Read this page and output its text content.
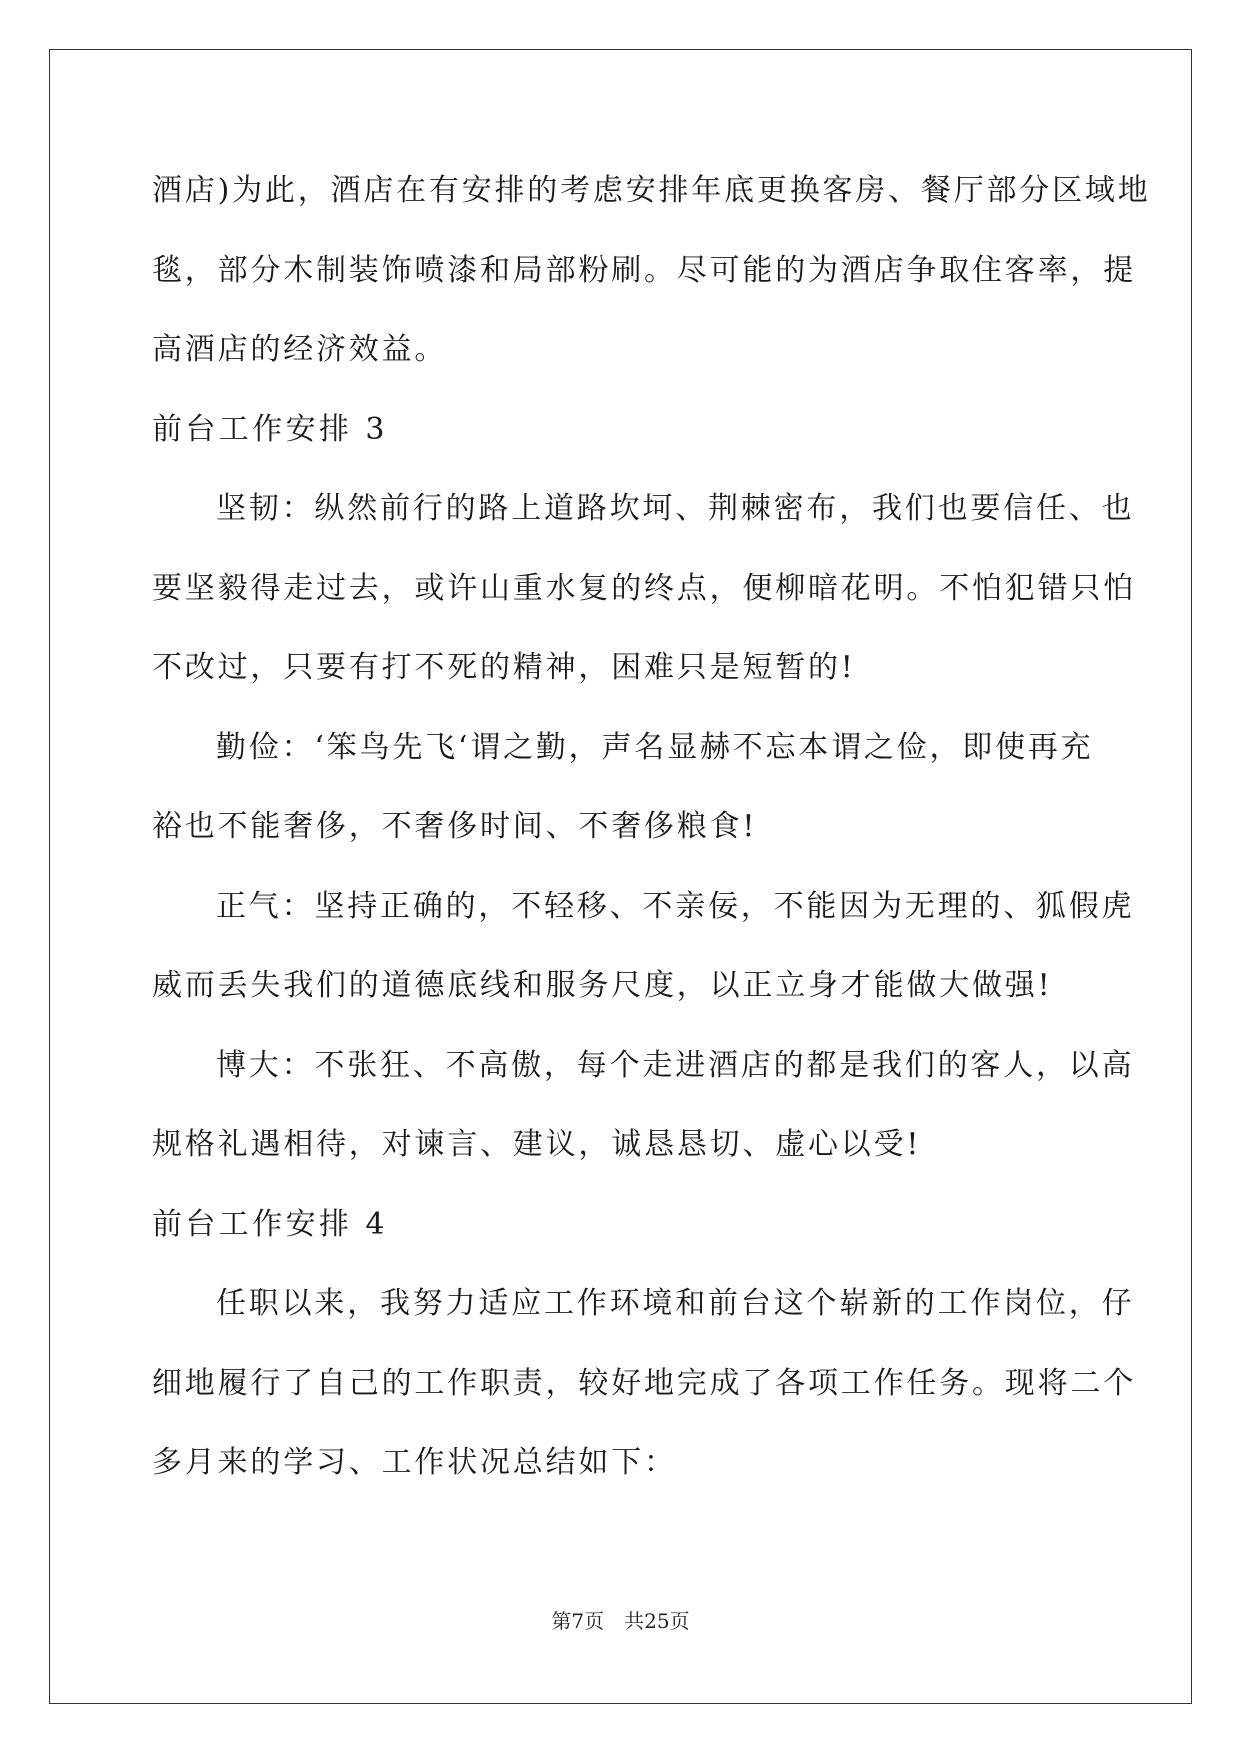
酒店)为此，酒店在有安排的考虑安排年底更换客房、餐厅部分区域地
毯，部分木制装饰喷漆和局部粉刷。尽可能的为酒店争取住客率，提
高酒店的经济效益。
前台工作安排 3
坚韧：纵然前行的路上道路坎坷、荆棘密布，我们也要信任、也
要坚毅得走过去，或许山重水复的终点，便柳暗花明。不怕犯错只怕
不改过，只要有打不死的精神，困难只是短暂的!
勤俭：‘笨鸟先飞‘谓之勤，声名显赫不忘本谓之俭，即使再充
裕也不能奢侈，不奢侈时间、不奢侈粮食!
正气：坚持正确的，不轻移、不亲佞，不能因为无理的、狐假虎
威而丢失我们的道德底线和服务尺度，以正立身才能做大做强!
博大：不张狂、不高傲，每个走进酒店的都是我们的客人，以高
规格礼遇相待，对谏言、建议，诚恳恳切、虚心以受!
前台工作安排 4
任职以来，我努力适应工作环境和前台这个崭新的工作岗位，仔
细地履行了自己的工作职责，较好地完成了各项工作任务。现将二个
多月来的学习、工作状况总结如下：
第7页 共25页
